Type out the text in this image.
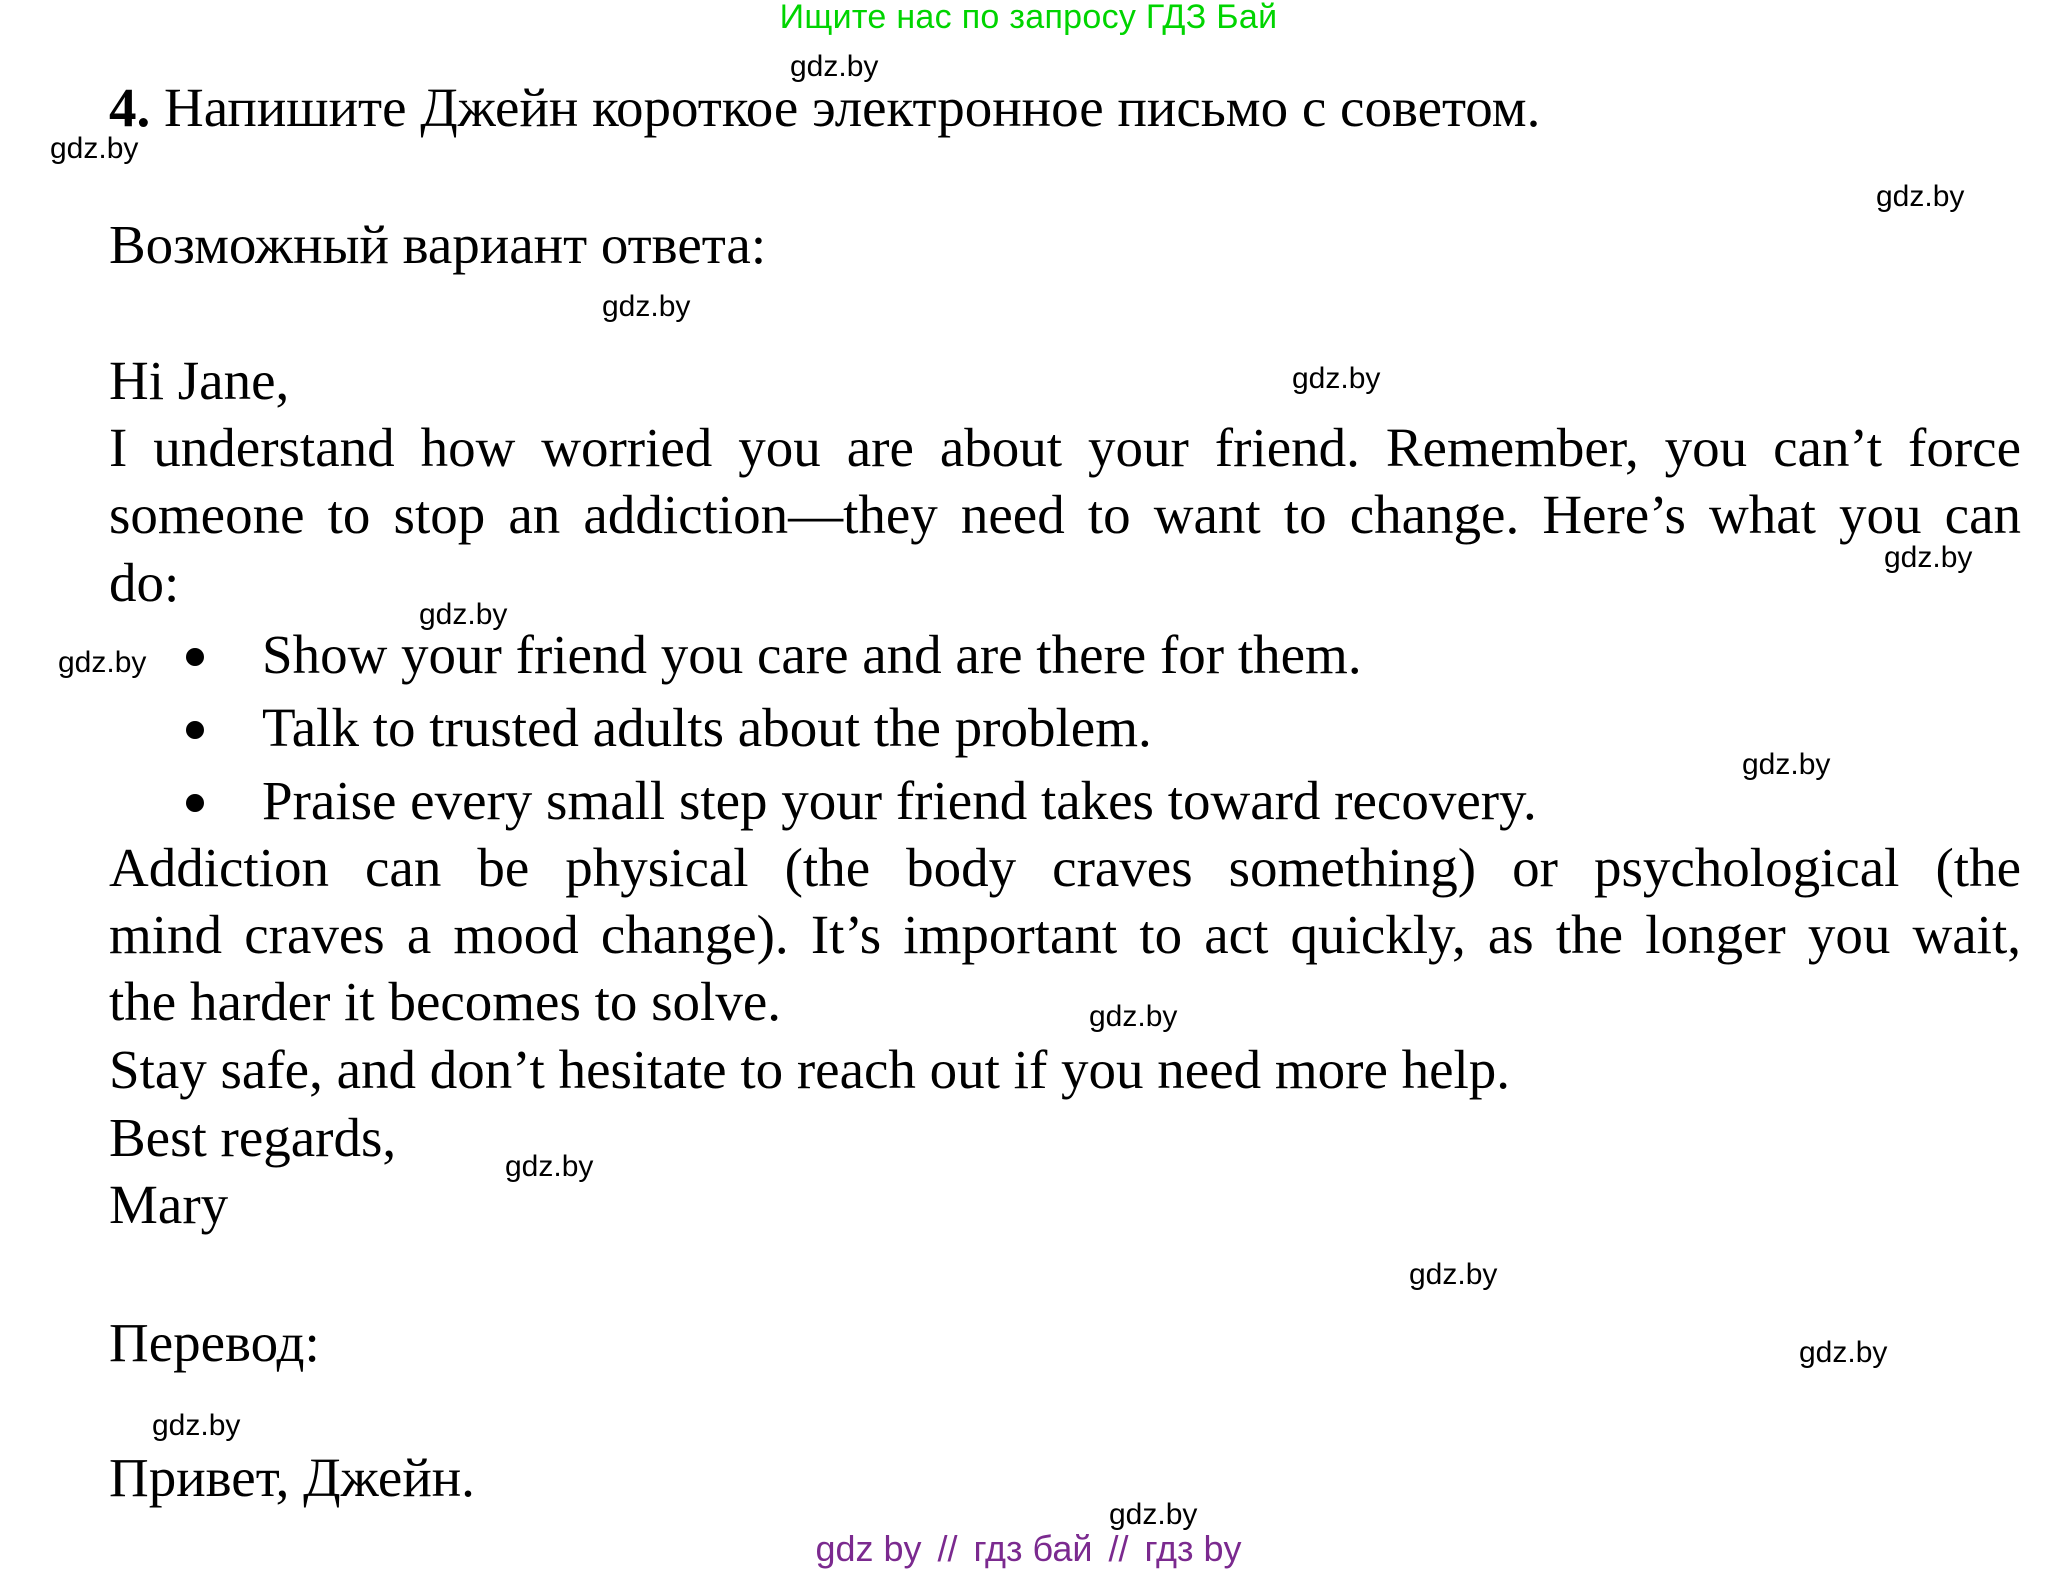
Ищите нас по запросу ГДЗ Бай
gdz.by
gdz.by
gdz.by
gdz.by
gdz.by
gdz.by
gdz.by
gdz.by
gdz.by
gdz.by
gdz.by
gdz.by
gdz.by
gdz.by
gdz.by
4. Напишите Джейн короткое электронное письмо с советом.
Возможный вариант ответа:
Hi Jane,
I understand how worried you are about your friend. Remember, you can’t force
someone to stop an addiction—they need to want to change. Here’s what you can
do:
Show your friend you care and are there for them.
Talk to trusted adults about the problem.
Praise every small step your friend takes toward recovery.
Addiction can be physical (the body craves something) or psychological (the
mind craves a mood change). It’s important to act quickly, as the longer you wait,
the harder it becomes to solve.
Stay safe, and don’t hesitate to reach out if you need more help.
Best regards,
Mary
Перевод:
Привет, Джейн.
gdz by // гдз бай // гдз by
